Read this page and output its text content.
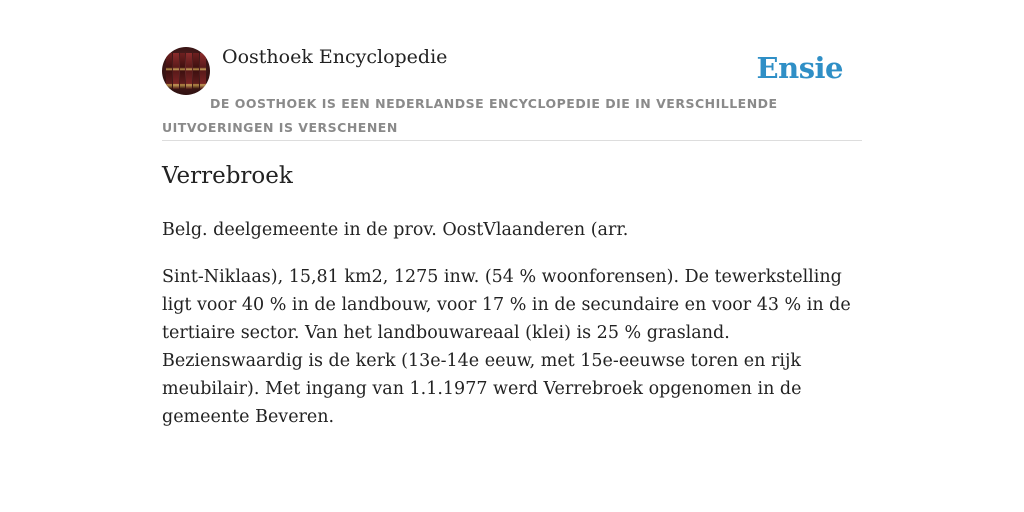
Oosthoek Encyclopedie	Ensie
DE OOSTHOEK IS EEN NEDERLANDSE ENCYCLOPEDIE DIE IN VERSCHILLENDE UITVOERINGEN IS VERSCHENEN
Verrebroek

Belg. deelgemeente in de prov. OostVlaanderen (arr.

Sint-Niklaas), 15,81 km2, 1275 inw. (54 % woonforensen). De tewerkstelling ligt voor 40 % in de landbouw, voor 17 % in de secundaire en voor 43 % in de tertiaire sector. Van het landbouwareaal (klei) is 25 % grasland. Bezienswaardig is de kerk (13e-14e eeuw, met 15e-eeuwse toren en rijk meubilair). Met ingang van 1.1.1977 werd Verrebroek opgenomen in de gemeente Beveren.
